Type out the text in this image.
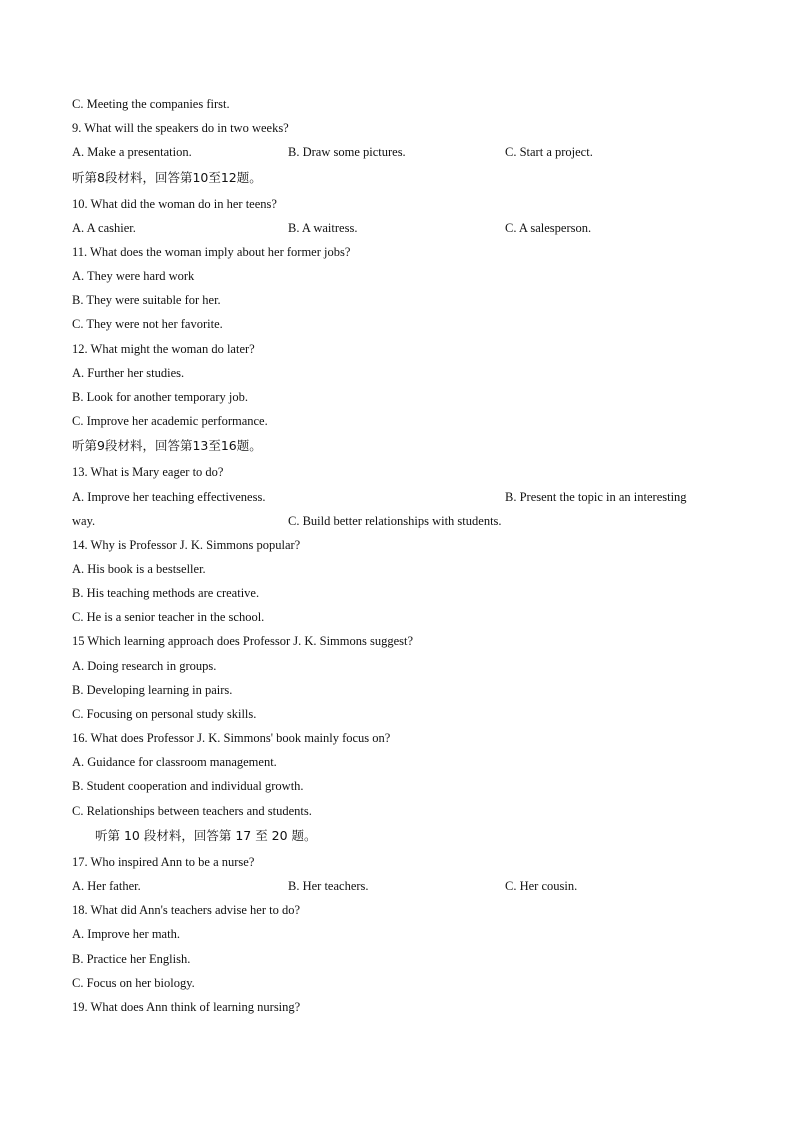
C. Meeting the companies first.
9. What will the speakers do in two weeks?
A. Make a presentation.	B. Draw some pictures.	C. Start a project.
听第8段材料，回答第10至12题。
10. What did the woman do in her teens?
A. A cashier.	B. A waitress.	C. A salesperson.
11. What does the woman imply about her former jobs?
A. They were hard work
B. They were suitable for her.
C. They were not her favorite.
12. What might the woman do later?
A. Further her studies.
B. Look for another temporary job.
C. Improve her academic performance.
听第9段材料，回答第13至16题。
13. What is Mary eager to do?
A. Improve her teaching effectiveness.	B. Present the topic in an interesting
way.	C. Build better relationships with students.
14. Why is Professor J. K. Simmons popular?
A. His book is a bestseller.
B. His teaching methods are creative.
C. He is a senior teacher in the school.
15 Which learning approach does Professor J. K. Simmons suggest?
A. Doing research in groups.
B. Developing learning in pairs.
C. Focusing on personal study skills.
16. What does Professor J. K. Simmons' book mainly focus on?
A. Guidance for classroom management.
B. Student cooperation and individual growth.
C. Relationships between teachers and students.
听第 10 段材料，回答第 17 至 20 题。
17. Who inspired Ann to be a nurse?
A. Her father.	B. Her teachers.	C. Her cousin.
18. What did Ann's teachers advise her to do?
A. Improve her math.
B. Practice her English.
C. Focus on her biology.
19. What does Ann think of learning nursing?
